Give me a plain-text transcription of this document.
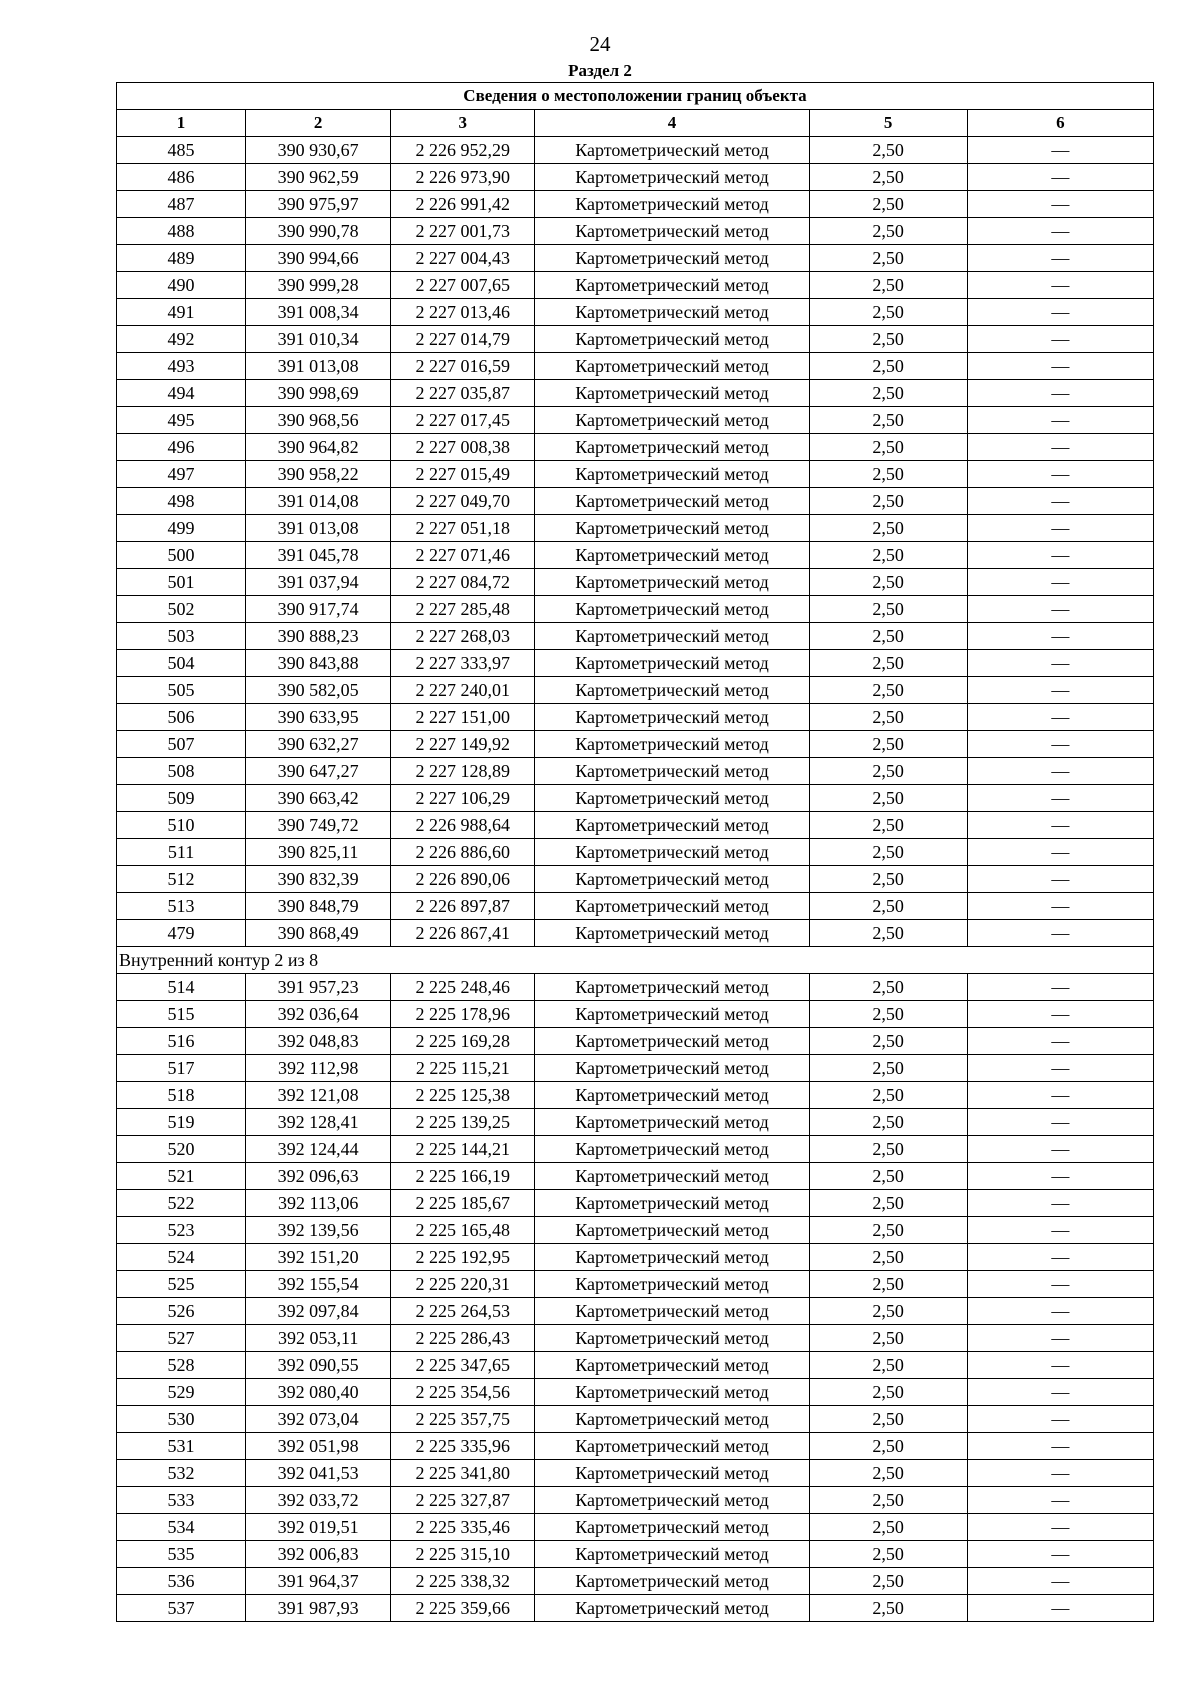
24
Раздел 2
Сведения о местоположении границ объекта					
1	2	3	4	5	6
485	390 930,67	2 226 952,29	Картометрический метод	2,50	—
486	390 962,59	2 226 973,90	Картометрический метод	2,50	—
487	390 975,97	2 226 991,42	Картометрический метод	2,50	—
488	390 990,78	2 227 001,73	Картометрический метод	2,50	—
489	390 994,66	2 227 004,43	Картометрический метод	2,50	—
490	390 999,28	2 227 007,65	Картометрический метод	2,50	—
491	391 008,34	2 227 013,46	Картометрический метод	2,50	—
492	391 010,34	2 227 014,79	Картометрический метод	2,50	—
493	391 013,08	2 227 016,59	Картометрический метод	2,50	—
494	390 998,69	2 227 035,87	Картометрический метод	2,50	—
495	390 968,56	2 227 017,45	Картометрический метод	2,50	—
496	390 964,82	2 227 008,38	Картометрический метод	2,50	—
497	390 958,22	2 227 015,49	Картометрический метод	2,50	—
498	391 014,08	2 227 049,70	Картометрический метод	2,50	—
499	391 013,08	2 227 051,18	Картометрический метод	2,50	—
500	391 045,78	2 227 071,46	Картометрический метод	2,50	—
501	391 037,94	2 227 084,72	Картометрический метод	2,50	—
502	390 917,74	2 227 285,48	Картометрический метод	2,50	—
503	390 888,23	2 227 268,03	Картометрический метод	2,50	—
504	390 843,88	2 227 333,97	Картометрический метод	2,50	—
505	390 582,05	2 227 240,01	Картометрический метод	2,50	—
506	390 633,95	2 227 151,00	Картометрический метод	2,50	—
507	390 632,27	2 227 149,92	Картометрический метод	2,50	—
508	390 647,27	2 227 128,89	Картометрический метод	2,50	—
509	390 663,42	2 227 106,29	Картометрический метод	2,50	—
510	390 749,72	2 226 988,64	Картометрический метод	2,50	—
511	390 825,11	2 226 886,60	Картометрический метод	2,50	—
512	390 832,39	2 226 890,06	Картометрический метод	2,50	—
513	390 848,79	2 226 897,87	Картометрический метод	2,50	—
479	390 868,49	2 226 867,41	Картометрический метод	2,50	—
Внутренний контур 2 из 8					
514	391 957,23	2 225 248,46	Картометрический метод	2,50	—
515	392 036,64	2 225 178,96	Картометрический метод	2,50	—
516	392 048,83	2 225 169,28	Картометрический метод	2,50	—
517	392 112,98	2 225 115,21	Картометрический метод	2,50	—
518	392 121,08	2 225 125,38	Картометрический метод	2,50	—
519	392 128,41	2 225 139,25	Картометрический метод	2,50	—
520	392 124,44	2 225 144,21	Картометрический метод	2,50	—
521	392 096,63	2 225 166,19	Картометрический метод	2,50	—
522	392 113,06	2 225 185,67	Картометрический метод	2,50	—
523	392 139,56	2 225 165,48	Картометрический метод	2,50	—
524	392 151,20	2 225 192,95	Картометрический метод	2,50	—
525	392 155,54	2 225 220,31	Картометрический метод	2,50	—
526	392 097,84	2 225 264,53	Картометрический метод	2,50	—
527	392 053,11	2 225 286,43	Картометрический метод	2,50	—
528	392 090,55	2 225 347,65	Картометрический метод	2,50	—
529	392 080,40	2 225 354,56	Картометрический метод	2,50	—
530	392 073,04	2 225 357,75	Картометрический метод	2,50	—
531	392 051,98	2 225 335,96	Картометрический метод	2,50	—
532	392 041,53	2 225 341,80	Картометрический метод	2,50	—
533	392 033,72	2 225 327,87	Картометрический метод	2,50	—
534	392 019,51	2 225 335,46	Картометрический метод	2,50	—
535	392 006,83	2 225 315,10	Картометрический метод	2,50	—
536	391 964,37	2 225 338,32	Картометрический метод	2,50	—
537	391 987,93	2 225 359,66	Картометрический метод	2,50	—
